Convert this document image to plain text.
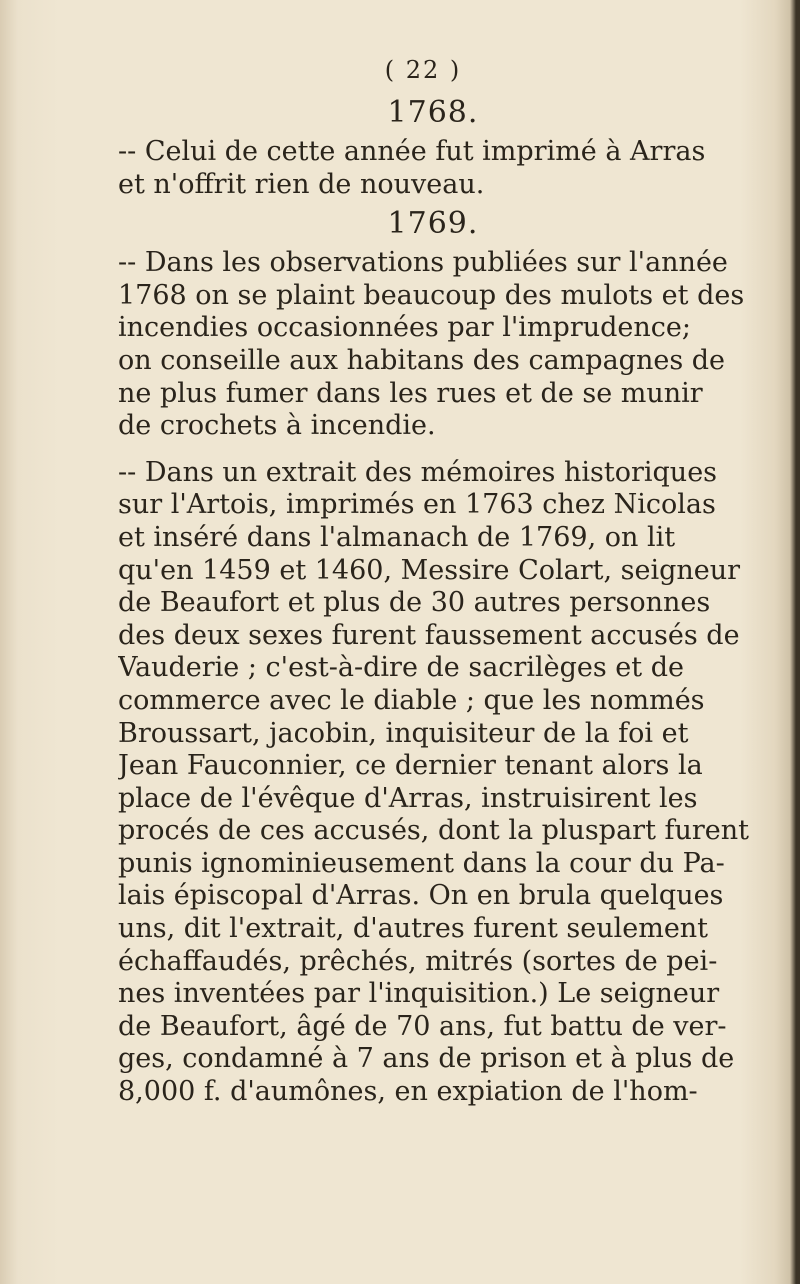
( 22 )
1768.
-- Celui de cette année fut imprimé à Arras
et n'offrit rien de nouveau.
1769.
-- Dans les observations publiées sur l'année
1768 on se plaint beaucoup des mulots et des
incendies occasionnées par l'imprudence;
on conseille aux habitans des campagnes de
ne plus fumer dans les rues et de se munir
de crochets à incendie.
-- Dans un extrait des mémoires historiques
sur l'Artois, imprimés en 1763 chez Nicolas
et inséré dans l'almanach de 1769, on lit
qu'en 1459 et 1460, Messire Colart, seigneur
de Beaufort et plus de 30 autres personnes
des deux sexes furent faussement accusés de
Vauderie ; c'est-à-dire de sacrilèges et de
commerce avec le diable ; que les nommés
Broussart, jacobin, inquisiteur de la foi et
Jean Fauconnier, ce dernier tenant alors la
place de l'évêque d'Arras, instruisirent les
procés de ces accusés, dont la pluspart furent
punis ignominieusement dans la cour du Pa-
lais épiscopal d'Arras. On en brula quelques
uns, dit l'extrait, d'autres furent seulement
échaffaudés, prêchés, mitrés (sortes de pei-
nes inventées par l'inquisition.) Le seigneur
de Beaufort, âgé de 70 ans, fut battu de ver-
ges, condamné à 7 ans de prison et à plus de
8,000 f. d'aumônes, en expiation de l'hom-
